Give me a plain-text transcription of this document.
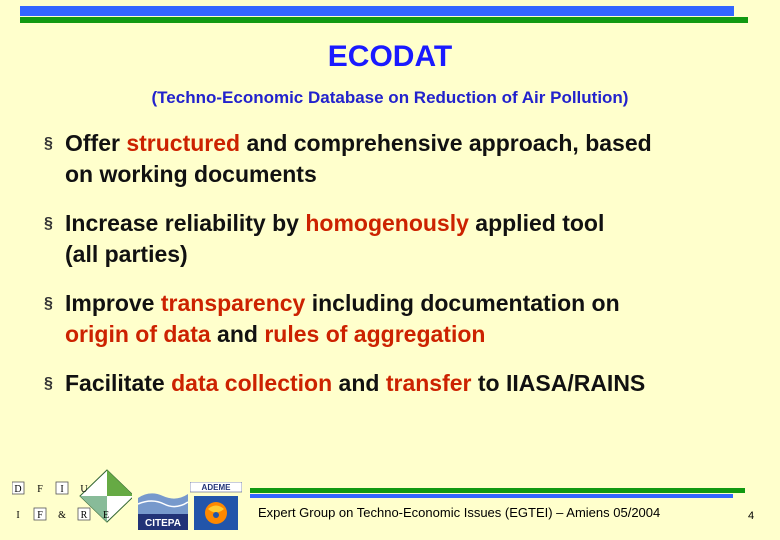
ECODAT
(Techno-Economic Database on Reduction of Air Pollution)
§ Offer structured and comprehensive approach, based
on working documents
§ Increase reliability by homogenously applied tool
(all parties)
§ Improve transparency including documentation on
origin of data and rules of aggregation
§ Facilitate data collection and transfer to IIASA/RAINS
D F I U
I F & R E
CITEPA
ADEME
Expert Group on Techno-Economic Issues (EGTEI) – Amiens 05/2004	4
